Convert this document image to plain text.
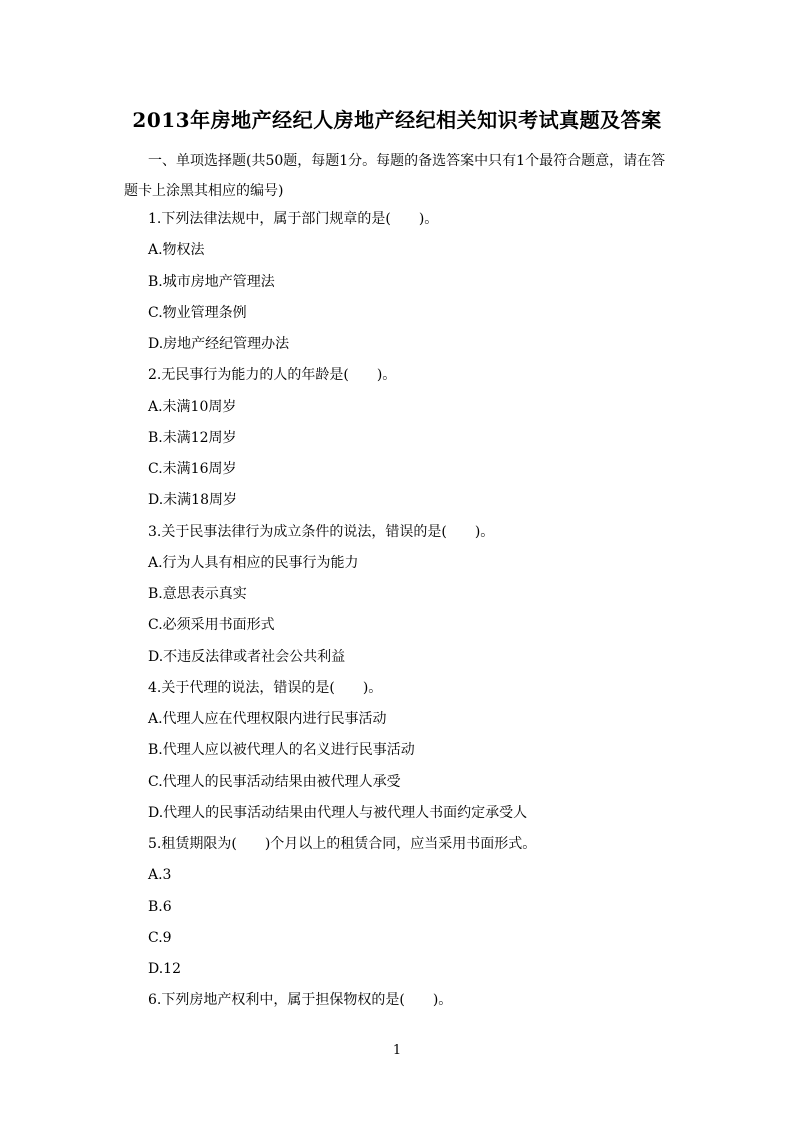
2013年房地产经纪人房地产经纪相关知识考试真题及答案
一、单项选择题(共50题，每题1分。每题的备选答案中只有1个最符合题意，请在答
题卡上涂黑其相应的编号)
1.下列法律法规中，属于部门规章的是(　　)。
A.物权法
B.城市房地产管理法
C.物业管理条例
D.房地产经纪管理办法
2.无民事行为能力的人的年龄是(　　)。
A.未满10周岁
B.未满12周岁
C.未满16周岁
D.未满18周岁
3.关于民事法律行为成立条件的说法，错误的是(　　)。
A.行为人具有相应的民事行为能力
B.意思表示真实
C.必须采用书面形式
D.不违反法律或者社会公共利益
4.关于代理的说法，错误的是(　　)。
A.代理人应在代理权限内进行民事活动
B.代理人应以被代理人的名义进行民事活动
C.代理人的民事活动结果由被代理人承受
D.代理人的民事活动结果由代理人与被代理人书面约定承受人
5.租赁期限为(　　)个月以上的租赁合同，应当采用书面形式。
A.3
B.6
C.9
D.12
6.下列房地产权利中，属于担保物权的是(　　)。
1
